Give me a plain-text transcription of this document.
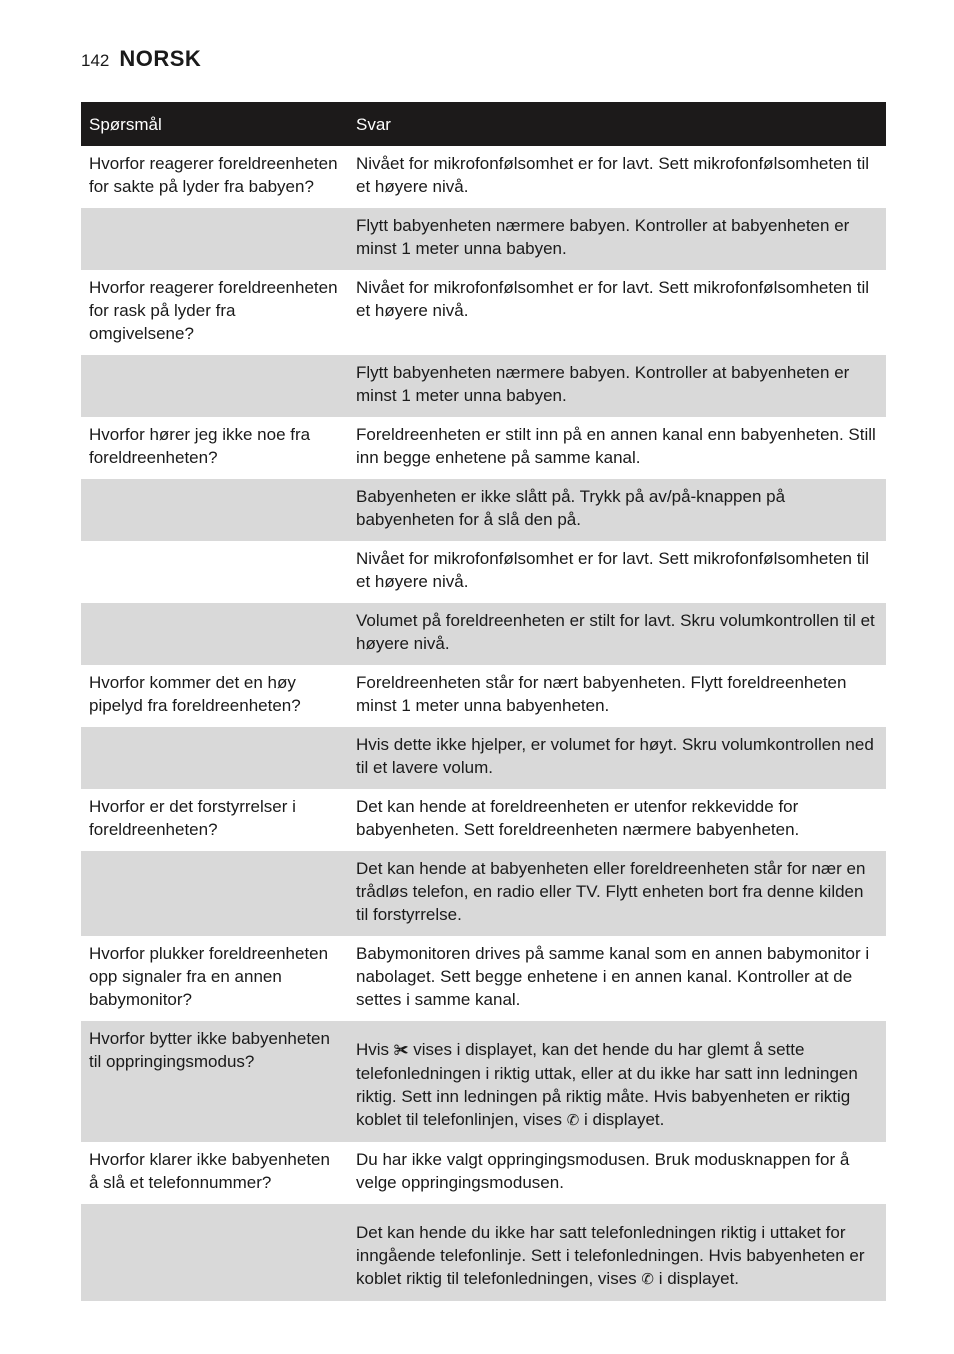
142 NORSK
Spørsmål	Svar
Hvorfor reagerer foreldreenheten for sakte på lyder fra babyen?	Nivået for mikrofonfølsomhet er for lavt. Sett mikrofonfølsomheten til et høyere nivå.
	Flytt babyenheten nærmere babyen. Kontroller at babyenheten er minst 1 meter unna babyen.
Hvorfor reagerer foreldreenheten for rask på lyder fra omgivelsene?	Nivået for mikrofonfølsomhet er for lavt. Sett mikrofonfølsomheten til et høyere nivå.
	Flytt babyenheten nærmere babyen. Kontroller at babyenheten er minst 1 meter unna babyen.
Hvorfor hører jeg ikke noe fra foreldreenheten?	Foreldreenheten er stilt inn på en annen kanal enn babyenheten. Still inn begge enhetene på samme kanal.
	Babyenheten er ikke slått på. Trykk på av/på-knappen på babyenheten for å slå den på.
	Nivået for mikrofonfølsomhet er for lavt. Sett mikrofonfølsomheten til et høyere nivå.
	Volumet på foreldreenheten er stilt for lavt. Skru volumkontrollen til et høyere nivå.
Hvorfor kommer det en høy pipelyd fra foreldreenheten?	Foreldreenheten står for nært babyenheten. Flytt foreldreenheten minst 1 meter unna babyenheten.
	Hvis dette ikke hjelper, er volumet for høyt. Skru volumkontrollen ned til et lavere volum.
Hvorfor er det forstyrrelser i foreldreenheten?	Det kan hende at foreldreenheten er utenfor rekkevidde for babyenheten. Sett foreldreenheten nærmere babyenheten.
	Det kan hende at babyenheten eller foreldreenheten står for nær en trådløs telefon, en radio eller TV. Flytt enheten bort fra denne kilden til forstyrrelse.
Hvorfor plukker foreldreenheten opp signaler fra en annen babymonitor?	Babymonitoren drives på samme kanal som en annen babymonitor i nabolaget. Sett begge enhetene i en annen kanal. Kontroller at de settes i samme kanal.
Hvorfor bytter ikke babyenheten til oppringingsmodus?	Hvis ✀ vises i displayet, kan det hende du har glemt å sette telefonledningen i riktig uttak, eller at du ikke har satt inn ledningen riktig. Sett inn ledningen på riktig måte. Hvis babyenheten er riktig koblet til telefonlinjen, vises ✆ i displayet.
Hvorfor klarer ikke babyenheten å slå et telefonnummer?	Du har ikke valgt oppringingsmodusen. Bruk modusknappen for å velge oppringingsmodusen.
	Det kan hende du ikke har satt telefonledningen riktig i uttaket for inngående telefonlinje. Sett i telefonledningen. Hvis babyenheten er koblet riktig til telefonledningen, vises ✆ i displayet.
